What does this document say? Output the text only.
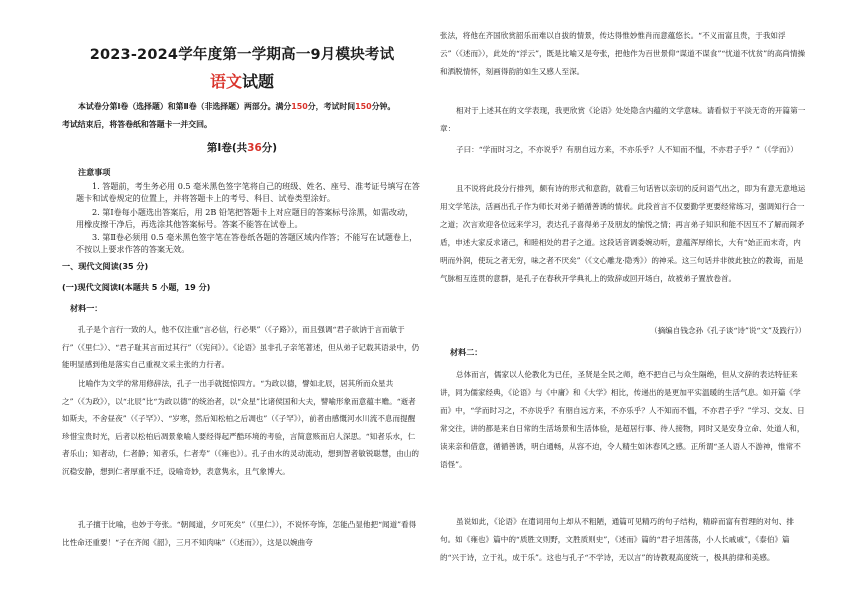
2023-2024学年度第一学期高一9月模块考试
语文试题

本试卷分第Ⅰ卷（选择题）和第Ⅱ卷（非选择题）两部分。满分150分，考试时间150分钟。

考试结束后，将答卷纸和答题卡一并交回。

第Ⅰ卷(共36分)

注意事项

1. 答题前，考生务必用 0.5 毫米黑色签字笔将自己的班级、姓名、座号、准考证号填写在答题卡和试卷规定的位置上，并将答题卡上的考号、科目、试卷类型涂好。

2. 第Ⅰ卷每小题选出答案后，用 2B 铅笔把答题卡上对应题目的答案标号涂黑，如需改动，用橡皮擦干净后，再选涂其他答案标号。答案不能答在试卷上。

3. 第Ⅱ卷必须用 0.5 毫米黑色签字笔在答卷纸各题的答题区域内作答；不能写在试题卷上，不按以上要求作答的答案无效。

一、现代文阅读(35 分)

(一)现代文阅读Ⅰ(本题共 5 小题，19 分)

材料一：

孔子是个言行一致的人，他不仅注重“言必信，行必果”（《子路》），而且强调“君子欲讷于言而敏于行”（《里仁》）、“君子耻其言而过其行”（《宪问》）。《论语》虽非孔子亲笔著述，但从弟子记载其语录中，仍能明显感到他是落实自己重视文采主张的力行者。

比喻作为文学的常用修辞法，孔子一出手就挺惊四方。“为政以德，譬如北辰，居其所而众星共之”（《为政》），以“北辰”比“为政以德”的统治者，以“众星”比诸侯国和大夫，譬喻形象而意蕴丰赡。“逝者如斯夫，不舍昼夜”（《子罕》）、“岁寒，然后知松柏之后凋也”（《子罕》），前者由感慨河水川流不息而提醒珍惜宝贵时光，后者以松柏后凋景象喻人要经得起严酷环境的考验，言简意赅而启人深思。“知者乐水，仁者乐山；知者动，仁者静；知者乐，仁者寿”（《雍也》）。孔子由水的灵动流动，想到智者敏锐聪慧，由山的沉稳安静，想到仁者厚重不迁，设喻奇妙，表意隽永，且气象博大。

孔子擅于比喻，也妙于夸张。“朝闻道，夕可死矣”（《里仁》），不说怀夸饰，怎能凸显他把“闻道”看得比性命还重要！“子在齐闻《韶》，三月不知肉味”（《述而》），这是以婉曲夸

张法，将他在齐国欣赏韶乐而难以自拔的情景，传达得惟妙惟肖而意蕴悠长。“不义而富且贵，于我如浮云”（《述而》），此处的“浮云”，既是比喻又是夸张，把他作为百世景仰“谋道不谋食”“忧道不忧贫”的高尚情操和洒脱情怀，刻画得韵韵如生又感人至深。

相对于上述其在的文学表现，我更欣赏《论语》处处隐含内蕴的文学意味。请看似于平淡无奇的开篇第一章：

子曰：“学而时习之，不亦说乎？有朋自远方来，不亦乐乎？人不知而不愠，不亦君子乎？”（《学而》）

且不说将此段分行排列，颇有诗的形式和意韵，就看三句话皆以亲切的反问语气出之，即为有意无意地运用文学笔法，活画出孔子作为师长对弟子循循善诱的情状。此段首言不仅要勤学更要经常练习，强调知行合一之道；次言欢迎各位远来学习，表达孔子喜得弟子及朋友的愉悦之情；再言弟子知识和能不因互不了解而闹矛盾，申述大家反求诸己，和睦相处的君子之道。这段话音调委婉动听，意蕴浑厚绵长，大有“始正而末奇，内明而外润，使玩之者无穷，味之者不厌矣”（《文心雕龙·隐秀》）的神采。这三句话并非彼此独立的教诲，而是气脉相互连贯的意群，是孔子在春秋开学典礼上的致辞或回开场白，故被弟子置放卷首。

（摘编自钱念孙《孔子谈“诗”说“文”及践行》）

材料二：

总体而言，儒家以人伦教化为已任，圣贤是全民之师，绝不把自己与众生隔绝，但从文辞的表达特征来讲，同为儒家经典，《论语》与《中庸》和《大学》相比，传递出的是更加平实温暖的生活气息。如开篇《学而》中，“学而时习之，不亦说乎？有朋自远方来，不亦乐乎？人不知而不愠，不亦君子乎？”学习、交友、日常交往，讲的都是来自日常的生活场景和生活体验，是超居行事、待人接物，同时又是安身立命、处道人和，读来亲和借意，循循善诱，明白通畅，从容不迫，令人精生如沐春风之感。正所谓“圣人语人不游神，惟常不语怪”。

虽说如此，《论语》在遣词用句上却从不粗陋，通篇可见精巧的句子结构，精辟而富有哲理的对句、排句。如《雍也》篇中的“质胜文则野，文胜质则史”，《述而》篇的“君子坦荡荡，小人长戚戚”，《泰伯》篇的“兴于诗，立于礼，成于乐”。这也与孔子“不学诗，无以言”的诗教观高度统一，极具韵律和美感。
